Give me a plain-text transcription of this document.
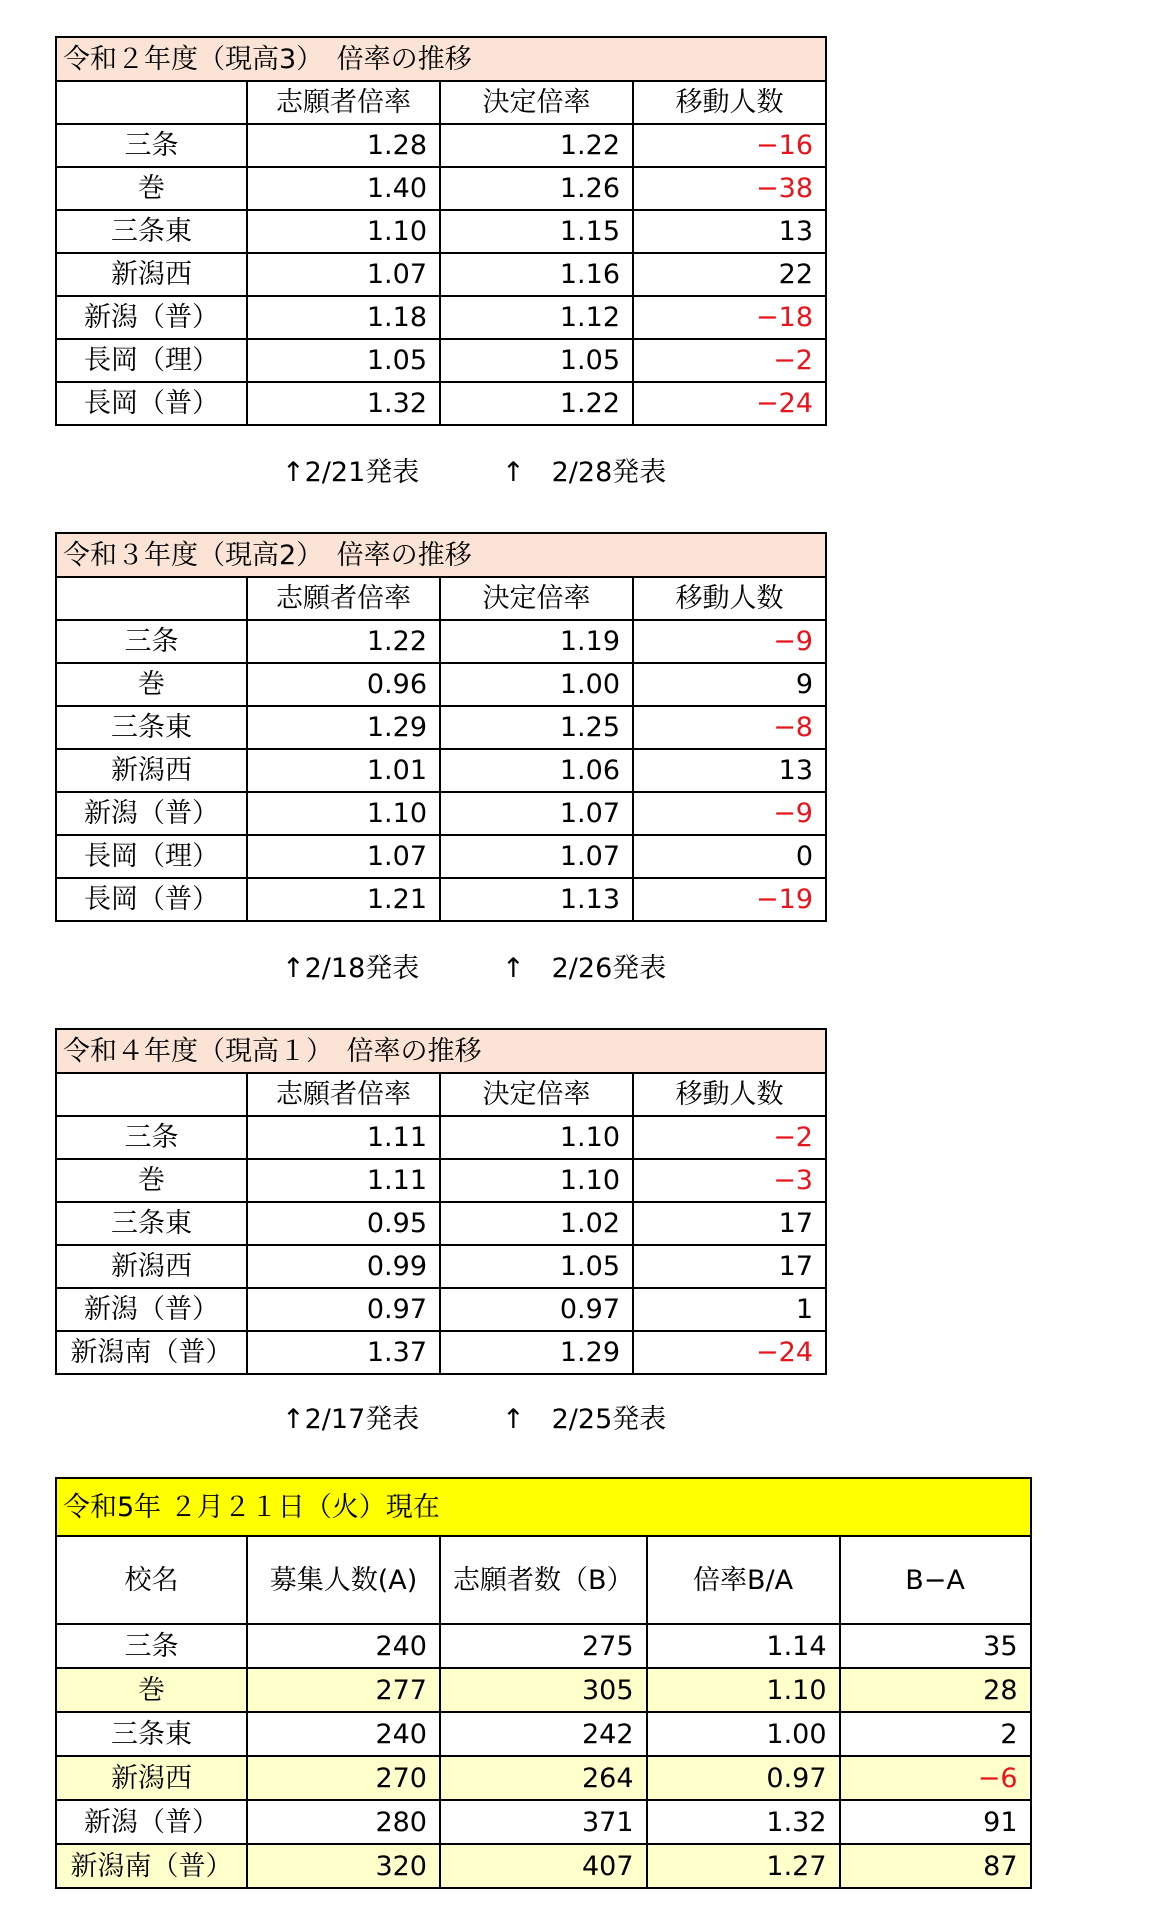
令和２年度（現高3）　倍率の推移			
	志願者倍率	決定倍率	移動人数
三条	1.28	1.22	−16
巻	1.40	1.26	−38
三条東	1.10	1.15	13
新潟西	1.07	1.16	22
新潟（普）	1.18	1.12	−18
長岡（理）	1.05	1.05	−2
長岡（普）	1.32	1.22	−24
↑2/21発表	↑　2/28発表
令和３年度（現高2）　倍率の推移			
	志願者倍率	決定倍率	移動人数
三条	1.22	1.19	−9
巻	0.96	1.00	9
三条東	1.29	1.25	−8
新潟西	1.01	1.06	13
新潟（普）	1.10	1.07	−9
長岡（理）	1.07	1.07	0
長岡（普）	1.21	1.13	−19
↑2/18発表	↑　2/26発表
令和４年度（現高１）　倍率の推移			
	志願者倍率	決定倍率	移動人数
三条	1.11	1.10	−2
巻	1.11	1.10	−3
三条東	0.95	1.02	17
新潟西	0.99	1.05	17
新潟（普）	0.97	0.97	1
新潟南（普）	1.37	1.29	−24
↑2/17発表	↑　2/25発表
令和5年 ２月２１日（火）現在				
校名	募集人数(A)	志願者数（B）	倍率B/A	B−A
三条	240	275	1.14	35
巻	277	305	1.10	28
三条東	240	242	1.00	2
新潟西	270	264	0.97	−6
新潟（普）	280	371	1.32	91
新潟南（普）	320	407	1.27	87
